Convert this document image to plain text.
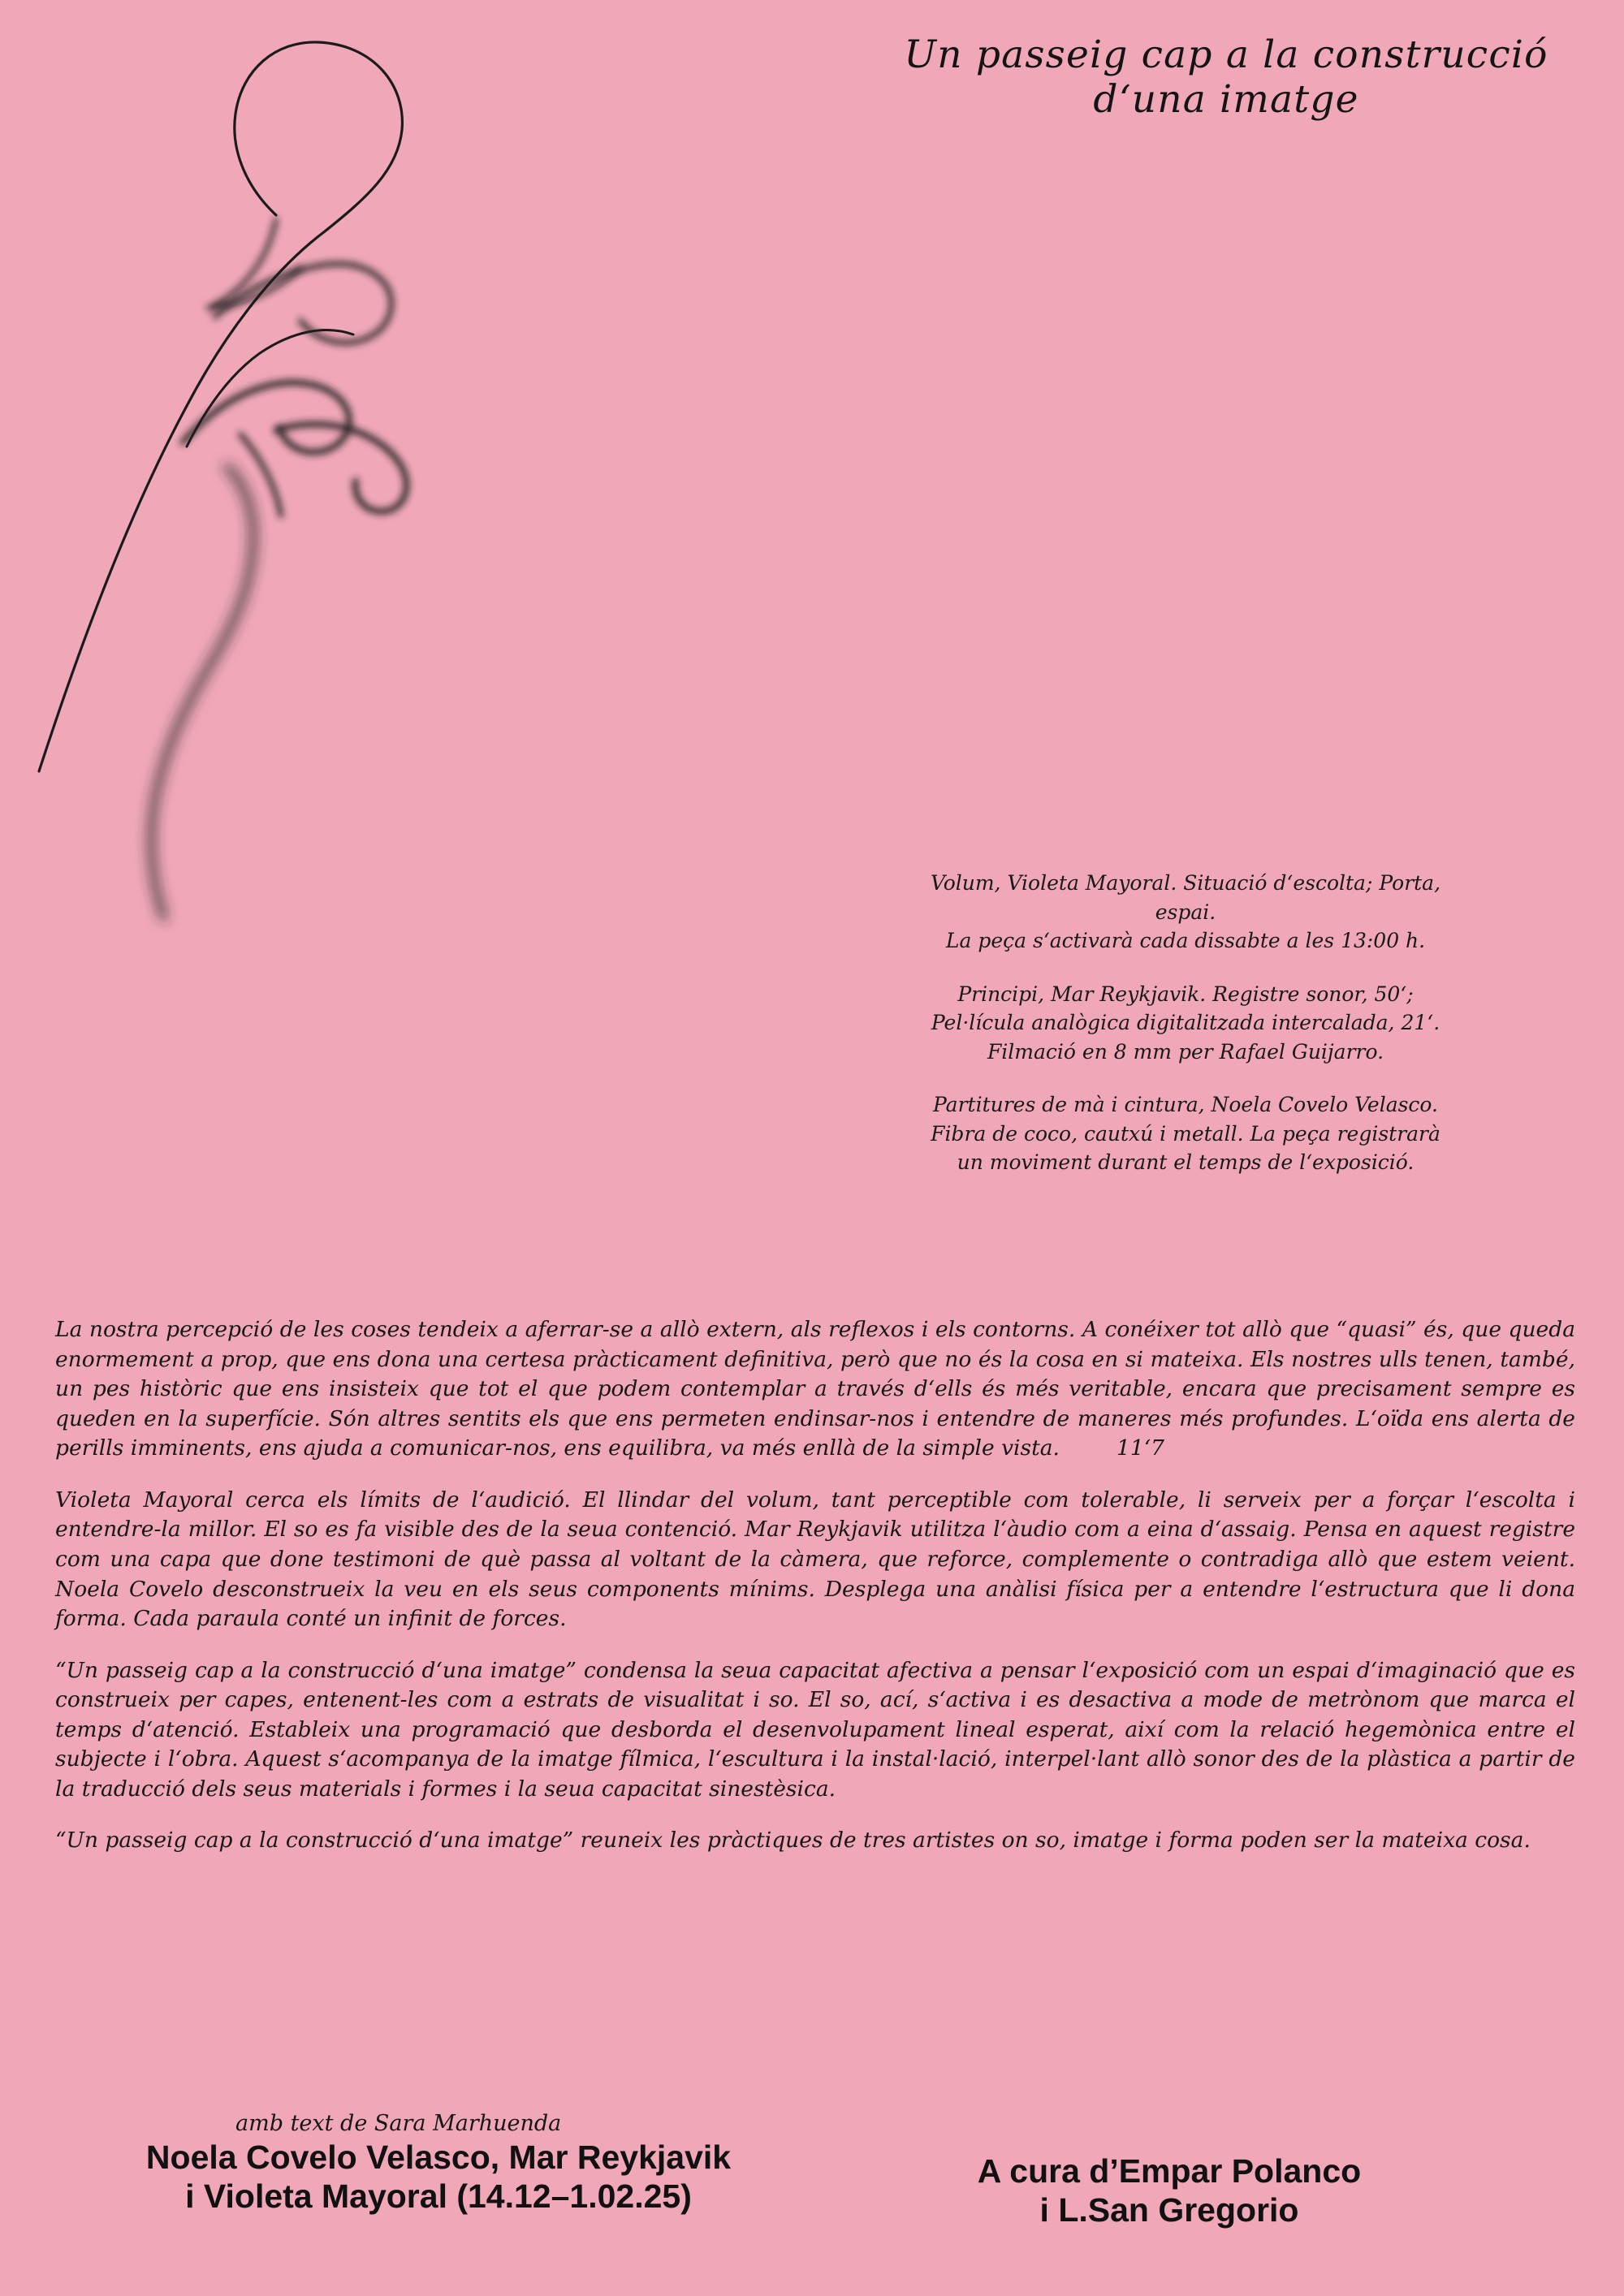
Un passeig cap a la construcció
d‘una imatge
Volum, Violeta Mayoral. Situació d‘escolta; Porta,
espai.
La peça s‘activarà cada dissabte a les 13:00 h.
Principi, Mar Reykjavik. Registre sonor, 50‘;
Pel·lícula analògica digitalitzada intercalada, 21‘.
Filmació en 8 mm per Rafael Guijarro.
Partitures de mà i cintura, Noela Covelo Velasco.
Fibra de coco, cautxú i metall. La peça registrarà
un moviment durant el temps de l‘exposició.

La nostra percepció de les coses tendeix a aferrar-se a allò extern, als reflexos i els contorns. A conéixer tot allò que “quasi” és, que queda enormement a prop, que ens dona una certesa pràcticament definitiva, però que no és la cosa en si mateixa. Els nostres ulls tenen, també, un pes històric que ens insisteix que tot el que podem contemplar a través d‘ells és més veritable, encara que precisament sempre es queden en la superfície. Són altres sentits els que ens permeten endinsar-nos i entendre de maneres més profundes. L‘oïda ens alerta de perills imminents, ens ajuda a comunicar-nos, ens equilibra, va més enllà de la simple vista.	11‘7

Violeta Mayoral cerca els límits de l‘audició. El llindar del volum, tant perceptible com tolerable, li serveix per a forçar l‘escolta i entendre-la millor. El so es fa visible des de la seua contenció. Mar Reykjavik utilitza l‘àudio com a eina d‘assaig. Pensa en aquest registre com una capa que done testimoni de què passa al voltant de la càmera, que reforce, complemente o contradiga allò que estem veient. Noela Covelo desconstrueix la veu en els seus components mínims. Desplega una anàlisi física per a entendre l‘estructura que li dona forma. Cada paraula conté un infinit de forces.

“Un passeig cap a la construcció d‘una imatge” condensa la seua capacitat afectiva a pensar l‘exposició com un espai d‘imaginació que es construeix per capes, entenent-les com a estrats de visualitat i so. El so, ací, s‘activa i es desactiva a mode de metrònom que marca el temps d‘atenció. Estableix una programació que desborda el desenvolupament lineal esperat, així com la relació hegemònica entre el subjecte i l‘obra. Aquest s‘acompanya de la imatge fílmica, l‘escultura i la instal·lació, interpel·lant allò sonor des de la plàstica a partir de la traducció dels seus materials i formes i la seua capacitat sinestèsica.

“Un passeig cap a la construcció d‘una imatge” reuneix les pràctiques de tres artistes on so, imatge i forma poden ser la mateixa cosa.

amb text de Sara Marhuenda
Noela Covelo Velasco, Mar Reykjavik
i Violeta Mayoral (14.12–1.02.25)
A cura d’Empar Polanco
i L.San Gregorio
